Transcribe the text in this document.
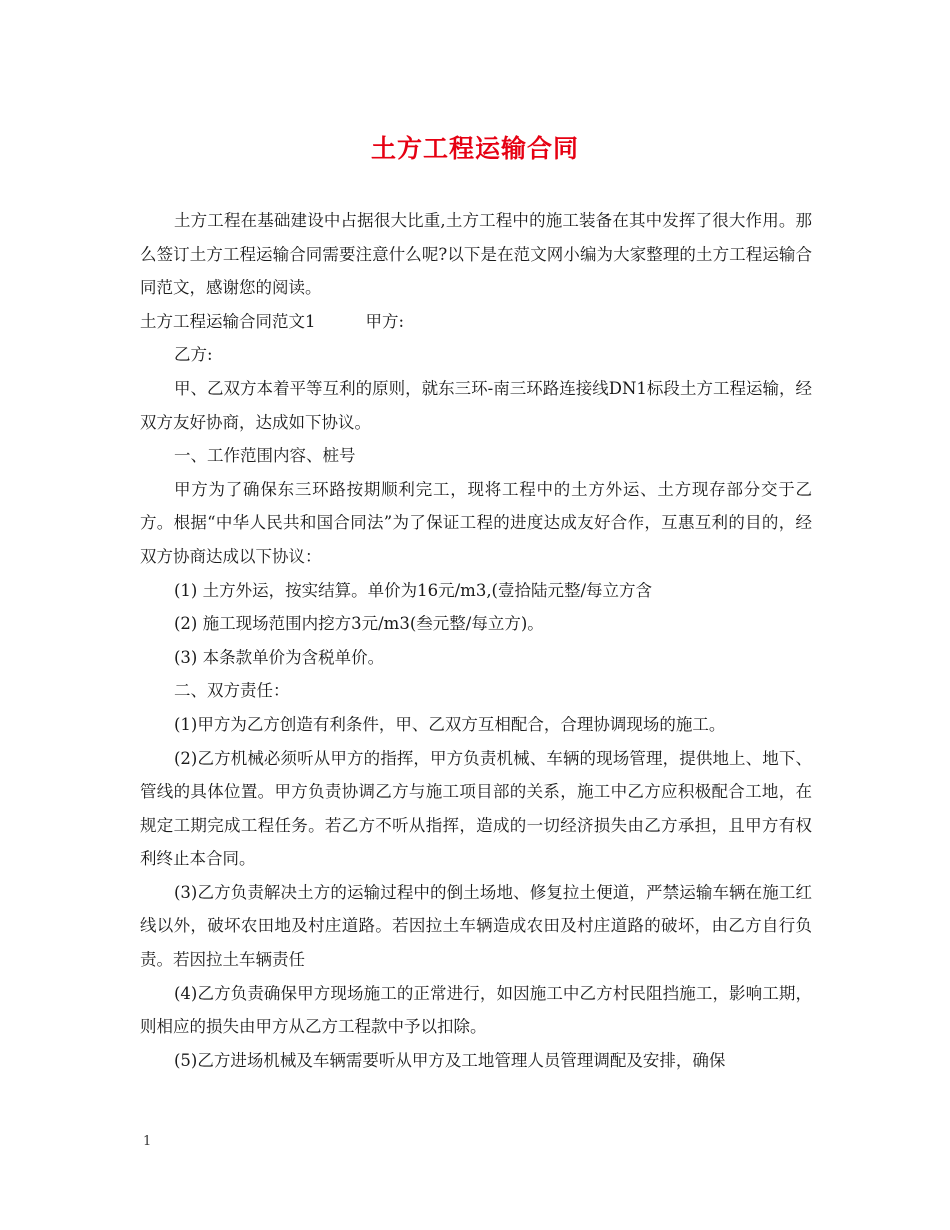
土方工程运输合同

土方工程在基础建设中占据很大比重,土方工程中的施工装备在其中发挥了很大作用。那么签订土方工程运输合同需要注意什么呢?以下是在范文网小编为大家整理的土方工程运输合同范文，感谢您的阅读。

土方工程运输合同范文1	甲方:

乙方:

甲、乙双方本着平等互利的原则，就东三环-南三环路连接线DN1标段土方工程运输，经双方友好协商，达成如下协议。

一、工作范围内容、桩号

甲方为了确保东三环路按期顺利完工，现将工程中的土方外运、土方现存部分交于乙方。根据“中华人民共和国合同法”为了保证工程的进度达成友好合作，互惠互利的目的，经双方协商达成以下协议：

(1) 土方外运，按实结算。单价为16元/m3,(壹拾陆元整/每立方含

(2) 施工现场范围内挖方3元/m3(叁元整/每立方)。

(3) 本条款单价为含税单价。

二、双方责任：

(1)甲方为乙方创造有利条件，甲、乙双方互相配合，合理协调现场的施工。

(2)乙方机械必须听从甲方的指挥，甲方负责机械、车辆的现场管理，提供地上、地下、管线的具体位置。甲方负责协调乙方与施工项目部的关系，施工中乙方应积极配合工地，在规定工期完成工程任务。若乙方不听从指挥，造成的一切经济损失由乙方承担，且甲方有权利终止本合同。

(3)乙方负责解决土方的运输过程中的倒土场地、修复拉土便道，严禁运输车辆在施工红线以外，破坏农田地及村庄道路。若因拉土车辆造成农田及村庄道路的破坏，由乙方自行负责。若因拉土车辆责任

(4)乙方负责确保甲方现场施工的正常进行，如因施工中乙方村民阻挡施工，影响工期，则相应的损失由甲方从乙方工程款中予以扣除。

(5)乙方进场机械及车辆需要听从甲方及工地管理人员管理调配及安排，确保

1
